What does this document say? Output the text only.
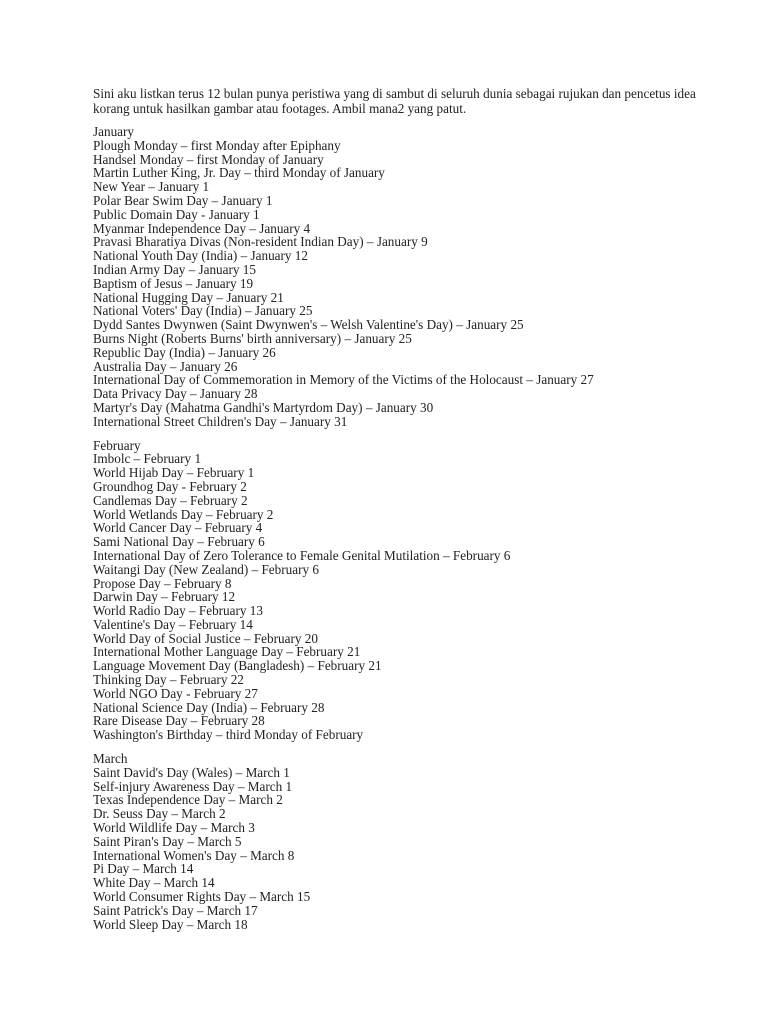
Sini aku listkan terus 12 bulan punya peristiwa yang di sambut di seluruh dunia sebagai rujukan dan pencetus idea korang untuk hasilkan gambar atau footages. Ambil mana2 yang patut.

January
Plough Monday – first Monday after Epiphany
Handsel Monday – first Monday of January
Martin Luther King, Jr. Day – third Monday of January
New Year – January 1
Polar Bear Swim Day – January 1
Public Domain Day - January 1
Myanmar Independence Day – January 4
Pravasi Bharatiya Divas (Non-resident Indian Day) – January 9
National Youth Day (India) – January 12
Indian Army Day – January 15
Baptism of Jesus – January 19
National Hugging Day – January 21
National Voters' Day (India) – January 25
Dydd Santes Dwynwen (Saint Dwynwen's – Welsh Valentine's Day) – January 25
Burns Night (Roberts Burns' birth anniversary) – January 25
Republic Day (India) – January 26
Australia Day – January 26
International Day of Commemoration in Memory of the Victims of the Holocaust – January 27
Data Privacy Day – January 28
Martyr's Day (Mahatma Gandhi's Martyrdom Day) – January 30
International Street Children's Day – January 31
February
Imbolc – February 1
World Hijab Day – February 1
Groundhog Day - February 2
Candlemas Day – February 2
World Wetlands Day – February 2
World Cancer Day – February 4
Sami National Day – February 6
International Day of Zero Tolerance to Female Genital Mutilation – February 6
Waitangi Day (New Zealand) – February 6
Propose Day – February 8
Darwin Day – February 12
World Radio Day – February 13
Valentine's Day – February 14
World Day of Social Justice – February 20
International Mother Language Day – February 21
Language Movement Day (Bangladesh) – February 21
Thinking Day – February 22
World NGO Day - February 27
National Science Day (India) – February 28
Rare Disease Day – February 28
Washington's Birthday – third Monday of February
March
Saint David's Day (Wales) – March 1
Self-injury Awareness Day – March 1
Texas Independence Day – March 2
Dr. Seuss Day – March 2
World Wildlife Day – March 3
Saint Piran's Day – March 5
International Women's Day – March 8
Pi Day – March 14
White Day – March 14
World Consumer Rights Day – March 15
Saint Patrick's Day – March 17
World Sleep Day – March 18
